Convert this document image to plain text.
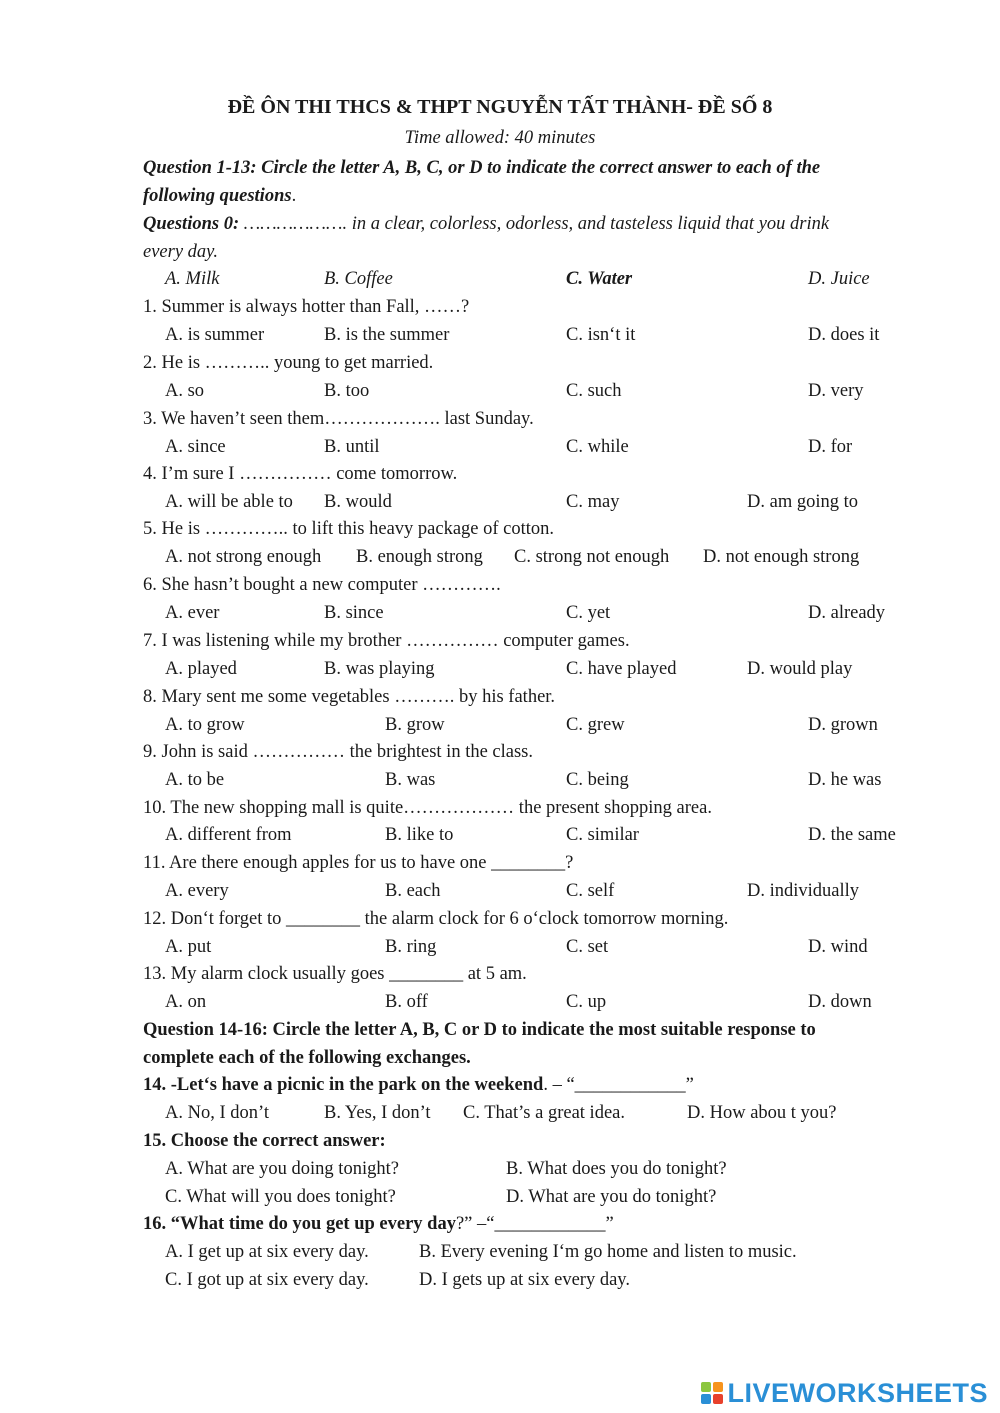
ĐỀ ÔN THI THCS & THPT NGUYỄN TẤT THÀNH- ĐỀ SỐ 8
Time allowed: 40 minutes
Question 1-13: Circle the letter A, B, C, or D to indicate the correct answer to each of the
following questions.
Questions 0: ………………. in a clear, colorless, odorless, and tasteless liquid that you drink
every day.
A. Milk	B. Coffee	C. Water	D. Juice
1. Summer is always hotter than Fall, ……?
A. is summer	B. is the summer	C. isn‘t it	D. does it
2. He is ……….. young to get married.
A. so	B. too	C. such	D. very
3. We haven’t seen them………………. last Sunday.
A. since	B. until	C. while	D. for
4. I’m sure I …………… come tomorrow.
A. will be able to B. would	C. may	D. am going to
5. He is ………….. to lift this heavy package of cotton.
A. not strong enough B. enough strong C. strong not enough D. not enough strong
6. She hasn’t bought a new computer ………….
A. ever	B. since	C. yet	D. already
7. I was listening while my brother …………… computer games.
A. played	B. was playing	C. have played	D. would play
8. Mary sent me some vegetables ………. by his father.
A. to grow	B. grow	C. grew	D. grown
9. John is said …………… the brightest in the class.
A. to be	B. was	C. being	D. he was
10. The new shopping mall is quite……………… the present shopping area.
A. different from	B. like to	C. similar	D. the same
11. Are there enough apples for us to have one ________?
A. every	B. each	C. self	D. individually
12. Don‘t forget to ________ the alarm clock for 6 o‘clock tomorrow morning.
A. put	B. ring	C. set	D. wind
13. My alarm clock usually goes ________ at 5 am.
A. on	B. off	C. up	D. down
Question 14-16: Circle the letter A, B, C or D to indicate the most suitable response to
complete each of the following exchanges.
14. -Let‘s have a picnic in the park on the weekend. – “____________”
A. No, I don’t	B. Yes, I don’t C. That’s a great idea.	D. How abou t you?
15. Choose the correct answer:
A. What are you doing tonight?	B. What does you do tonight?
C. What will you does tonight?	D. What are you do tonight?
16. “What time do you get up every day?” –“____________”
A. I get up at six every day.	B. Every evening I‘m go home and listen to music.
C. I got up at six every day.	D. I gets up at six every day.
LIVEWORKSHEETS
